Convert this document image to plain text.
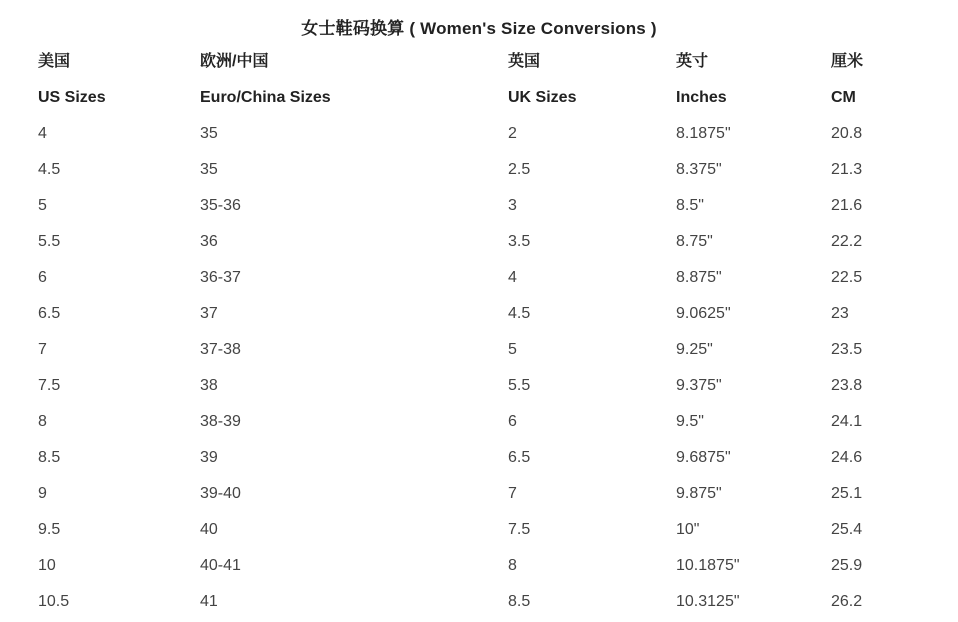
女士鞋码换算 ( Women's Size Conversions )
美国	欧洲/中国	英国	英寸	厘米
US Sizes	Euro/China Sizes	UK Sizes	Inches	CM
4	35	2	8.1875"	20.8
4.5	35	2.5	8.375"	21.3
5	35-36	3	8.5"	21.6
5.5	36	3.5	8.75"	22.2
6	36-37	4	8.875"	22.5
6.5	37	4.5	9.0625"	23
7	37-38	5	9.25"	23.5
7.5	38	5.5	9.375"	23.8
8	38-39	6	9.5"	24.1
8.5	39	6.5	9.6875"	24.6
9	39-40	7	9.875"	25.1
9.5	40	7.5	10"	25.4
10	40-41	8	10.1875"	25.9
10.5	41	8.5	10.3125"	26.2
